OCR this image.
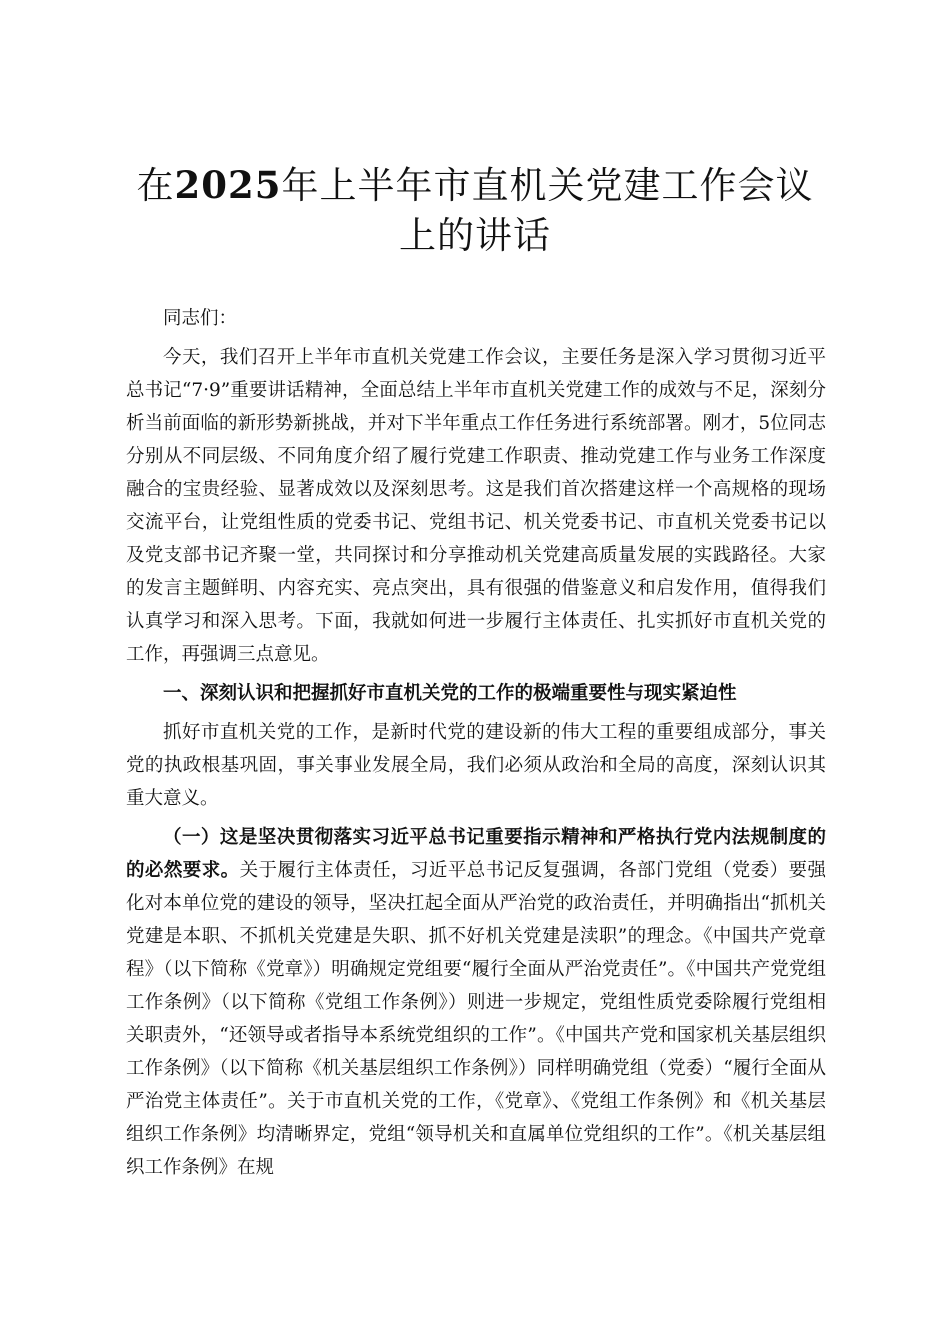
在2025年上半年市直机关党建工作会议上的讲话

同志们：

今天，我们召开上半年市直机关党建工作会议，主要任务是深入学习贯彻习近平总书记“7·9”重要讲话精神，全面总结上半年市直机关党建工作的成效与不足，深刻分析当前面临的新形势新挑战，并对下半年重点工作任务进行系统部署。刚才，5位同志分别从不同层级、不同角度介绍了履行党建工作职责、推动党建工作与业务工作深度融合的宝贵经验、显著成效以及深刻思考。这是我们首次搭建这样一个高规格的现场交流平台，让党组性质的党委书记、党组书记、机关党委书记、市直机关党委书记以及党支部书记齐聚一堂，共同探讨和分享推动机关党建高质量发展的实践路径。大家的发言主题鲜明、内容充实、亮点突出，具有很强的借鉴意义和启发作用，值得我们认真学习和深入思考。下面，我就如何进一步履行主体责任、扎实抓好市直机关党的工作，再强调三点意见。

一、深刻认识和把握抓好市直机关党的工作的极端重要性与现实紧迫性

抓好市直机关党的工作，是新时代党的建设新的伟大工程的重要组成部分，事关党的执政根基巩固，事关事业发展全局，我们必须从政治和全局的高度，深刻认识其重大意义。

（一）这是坚决贯彻落实习近平总书记重要指示精神和严格执行党内法规制度的的必然要求。关于履行主体责任，习近平总书记反复强调，各部门党组（党委）要强化对本单位党的建设的领导，坚决扛起全面从严治党的政治责任，并明确指出“抓机关党建是本职、不抓机关党建是失职、抓不好机关党建是渎职”的理念。《中国共产党章程》（以下简称《党章》）明确规定党组要“履行全面从严治党责任”。《中国共产党党组工作条例》（以下简称《党组工作条例》）则进一步规定，党组性质党委除履行党组相关职责外，“还领导或者指导本系统党组织的工作”。《中国共产党和国家机关基层组织工作条例》（以下简称《机关基层组织工作条例》）同样明确党组（党委）“履行全面从严治党主体责任”。关于市直机关党的工作，《党章》、《党组工作条例》和《机关基层组织工作条例》均清晰界定，党组“领导机关和直属单位党组织的工作”。《机关基层组织工作条例》在规
